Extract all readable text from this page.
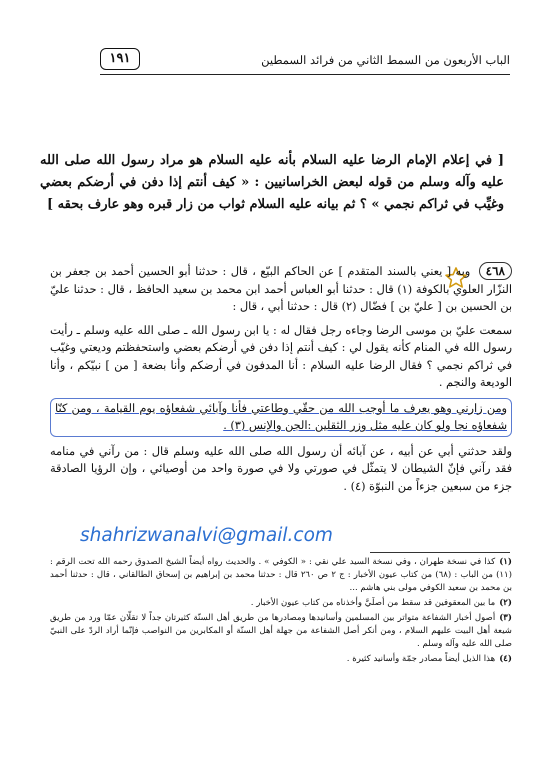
الباب الأربعون من السمط الثاني من فرائد السمطين
١٩١
[ في إعلام الإمام الرضا عليه السلام بأنه عليه السلام هو مراد رسول الله صلى الله عليه وآله وسلم من قوله لبعض الخراسانيين : « كيف أنتم إذا دفن في أرضكم بعضي وغيِّب في ثراكم نجمي » ؟ ثم بيانه عليه السلام ثواب من زار قبره وهو عارف بحقه ]

٤٦٨ وبه [ يعني بالسند المتقدم ] عن الحاكم البيّع ، قال : حدثنا أبو الحسين أحمد بن جعفر بن النزّار العلوي بالكوفة (١) قال : حدثنا أبو العباس أحمد ابن محمد بن سعيد الحافظ ، قال : حدثنا عليّ بن الحسين بن [ عليّ بن ] فضّال (٢) قال : حدثنا أبي ، قال :

سمعت عليّ بن موسى الرضا وجاءه رجل فقال له : يا ابن رسول الله ـ صلى الله عليه وسلم ـ رأيت رسول الله في المنام كأنه يقول لي : كيف أنتم إذا دفن في أرضكم بعضي واستحفظتم وديعتي وغيّب في ثراكم نجمي ؟ فقال الرضا عليه السلام : أنا المدفون في أرضكم وأنا بضعة [ من ] نبيّكم ، وأنا الوديعة والنجم .

ومن زارني وهو يعرف ما أوجب الله من حقّي وطاعتي فأنا وآبائي شفعاؤه يوم القيامة ، ومن كنّا شفعاؤه نجا ولو كان عليه مثل وزر الثقلين :الجن والإنس (٣) .

ولقد حدثني أبي عن أبيه ، عن آبائه أن رسول الله صلى الله عليه وسلم قال : من رآني في منامه فقد رآني فإنّ الشيطان لا يتمثّل في صورتي ولا في صورة واحد من أوصيائي ، وإن الرؤيا الصادقة جزء من سبعين جزءاً من النبوّة (٤) .

shahrizwanalvi@gmail.com

(١)كذا في نسخة طهران ، وفي نسخة السيد علي نقي : « الكوفي » . والحديث رواه أيضاً الشيخ الصدوق رحمه الله تحت الرقم : (١١) من الباب : (٦٨) من كتاب عيون الأخبار : ج ٢ ص ٢٦٠ قال : حدثنا محمد بن إبراهيم بن إسحاق الطالقاني ، قال : حدثنا أحمد بن محمد بن سعيد الكوفي مولى بني هاشم ...

(٢)ما بين المعقوفين قد سقط من أصلَيَّ وأخذناه من كتاب عيون الأخبار .

(٣)أصول أخبار الشفاعة متواتر بين المسلمين وأسانيدها ومصادرها من طريق أهل السنّة كثيرتان جداً لا تقلّان عمّا ورد من طريق شيعة أهل البيت عليهم السلام ، ومن أنكر أصل الشفاعة من جهلة أهل السنّة أو المكابرين من النواصب فإنّما أراد الردّ على النبيّ صلى الله عليه وآله وسلم .

(٤)هذا الذيل أيضاً مصادر جمّة وأسانيد كثيرة .
